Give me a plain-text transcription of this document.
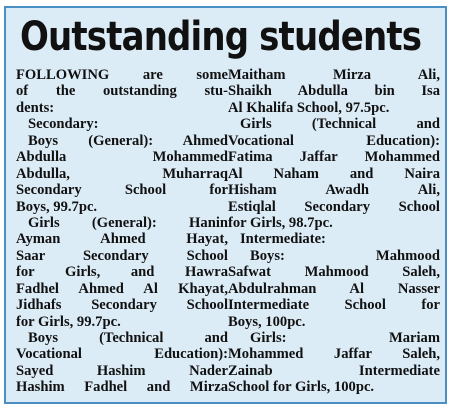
Outstanding students
FOLLOWING are some
of the outstanding stu-
dents:
Secondary:
Boys (General): Ahmed
Abdulla Mohammed
Abdulla, Muharraq
Secondary School for
Boys, 99.7pc.
Girls (General): Hanin
Ayman Ahmed Hayat,
Saar Secondary School
for Girls, and Hawra
Fadhel Ahmed Al Khayat,
Jidhafs Secondary School
for Girls, 99.7pc.
Boys (Technical and
Vocational Education):
Sayed Hashim Nader
Hashim Fadhel and Mirza
Maitham Mirza Ali,
Shaikh Abdulla bin Isa
Al Khalifa School, 97.5pc.
Girls (Technical and
Vocational Education):
Fatima Jaffar Mohammed
Al Naham and Naira
Hisham Awadh Ali,
Estiqlal Secondary School
for Girls, 98.7pc.
Intermediate:
Boys: Mahmood
Safwat Mahmood Saleh,
Abdulrahman Al Nasser
Intermediate School for
Boys, 100pc.
Girls: Mariam
Mohammed Jaffar Saleh,
Zainab Intermediate
School for Girls, 100pc.
